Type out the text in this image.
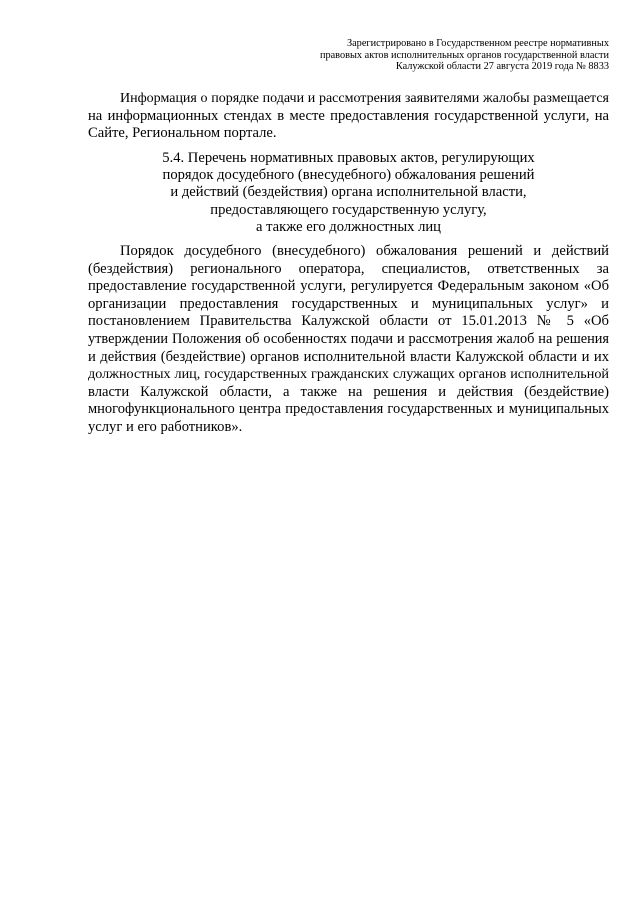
Зарегистрировано в Государственном реестре нормативных
правовых актов исполнительных органов государственной власти
Калужской области 27 августа 2019 года № 8833
Информация о порядке подачи и рассмотрения заявителями жалобы размещается
на информационных стендах в месте предоставления государственной услуги, на
Сайте, Региональном портале.
5.4. Перечень нормативных правовых актов, регулирующих
порядок досудебного (внесудебного) обжалования решений
и действий (бездействия) органа исполнительной власти,
предоставляющего государственную услугу,
а также его должностных лиц
Порядок досудебного (внесудебного) обжалования решений и действий
(бездействия) регионального оператора, специалистов, ответственных за
предоставление государственной услуги, регулируется Федеральным законом «Об
организации предоставления государственных и муниципальных услуг» и
постановлением Правительства Калужской области от 15.01.2013 № 5 «Об
утверждении Положения об особенностях подачи и рассмотрения жалоб на решения
и действия (бездействие) органов исполнительной власти Калужской области и их
должностных лиц, государственных гражданских служащих органов исполнительной
власти Калужской области, а также на решения и действия (бездействие)
многофункционального центра предоставления государственных и муниципальных
услуг и его работников».
